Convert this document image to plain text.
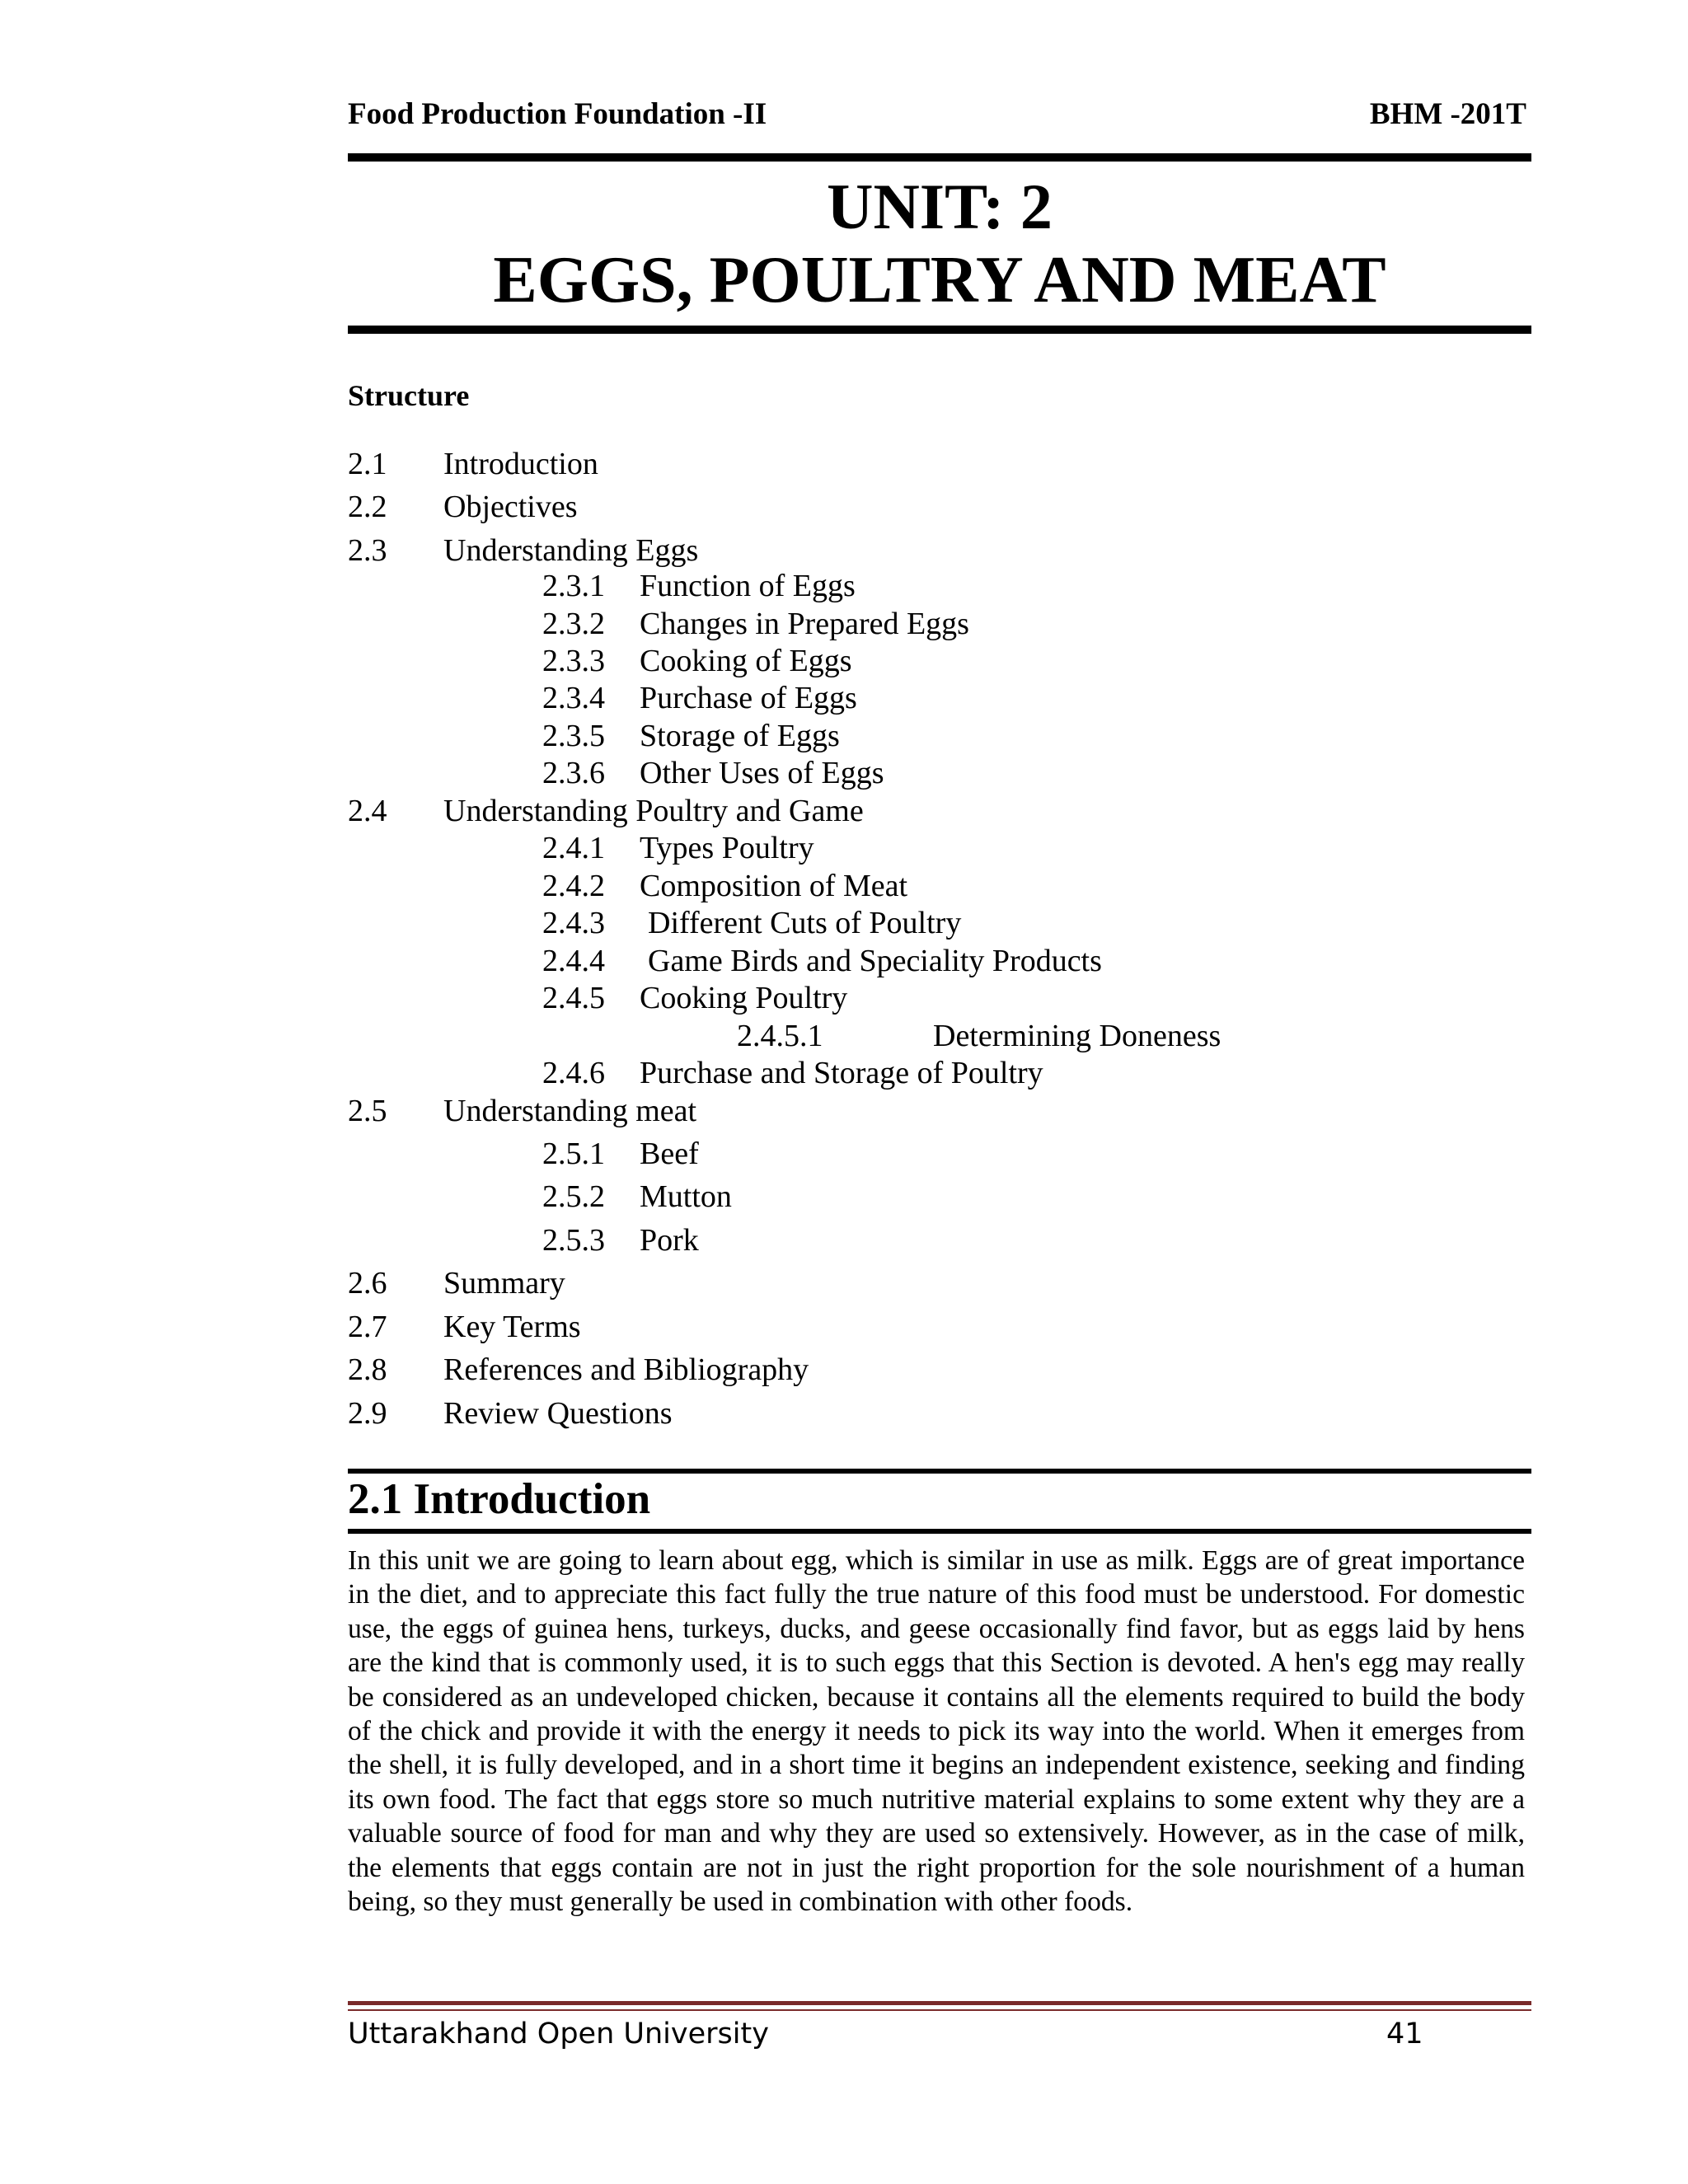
Food Production Foundation -II	BHM -201T
UNIT: 2
EGGS, POULTRY AND MEAT
Structure
2.1 Introduction
2.2 Objectives
2.3 Understanding Eggs
2.3.1 Function of Eggs
2.3.2 Changes in Prepared Eggs
2.3.3 Cooking of Eggs
2.3.4 Purchase of Eggs
2.3.5 Storage of Eggs
2.3.6 Other Uses of Eggs
2.4 Understanding Poultry and Game
2.4.1 Types Poultry
2.4.2 Composition of Meat
2.4.3 Different Cuts of Poultry
2.4.4 Game Birds and Speciality Products
2.4.5 Cooking Poultry
2.4.5.1	Determining Doneness
2.4.6 Purchase and Storage of Poultry
2.5 Understanding meat
2.5.1 Beef
2.5.2 Mutton
2.5.3 Pork
2.6 Summary
2.7 Key Terms
2.8 References and Bibliography
2.9 Review Questions
2.1 Introduction
In this unit we are going to learn about egg, which is similar in use as milk. Eggs are of great importance in the diet, and to appreciate this fact fully the true nature of this food must be understood. For domestic use, the eggs of guinea hens, turkeys, ducks, and geese occasionally find favor, but as eggs laid by hens are the kind that is commonly used, it is to such eggs that this Section is devoted. A hen's egg may really be considered as an undeveloped chicken, because it contains all the elements required to build the body of the chick and provide it with the energy it needs to pick its way into the world. When it emerges from the shell, it is fully developed, and in a short time it begins an independent existence, seeking and finding its own food. The fact that eggs store so much nutritive material explains to some extent why they are a valuable source of food for man and why they are used so extensively. However, as in the case of milk, the elements that eggs contain are not in just the right proportion for the sole nourishment of a human being, so they must generally be used in combination with other foods.
Uttarakhand Open University	41
